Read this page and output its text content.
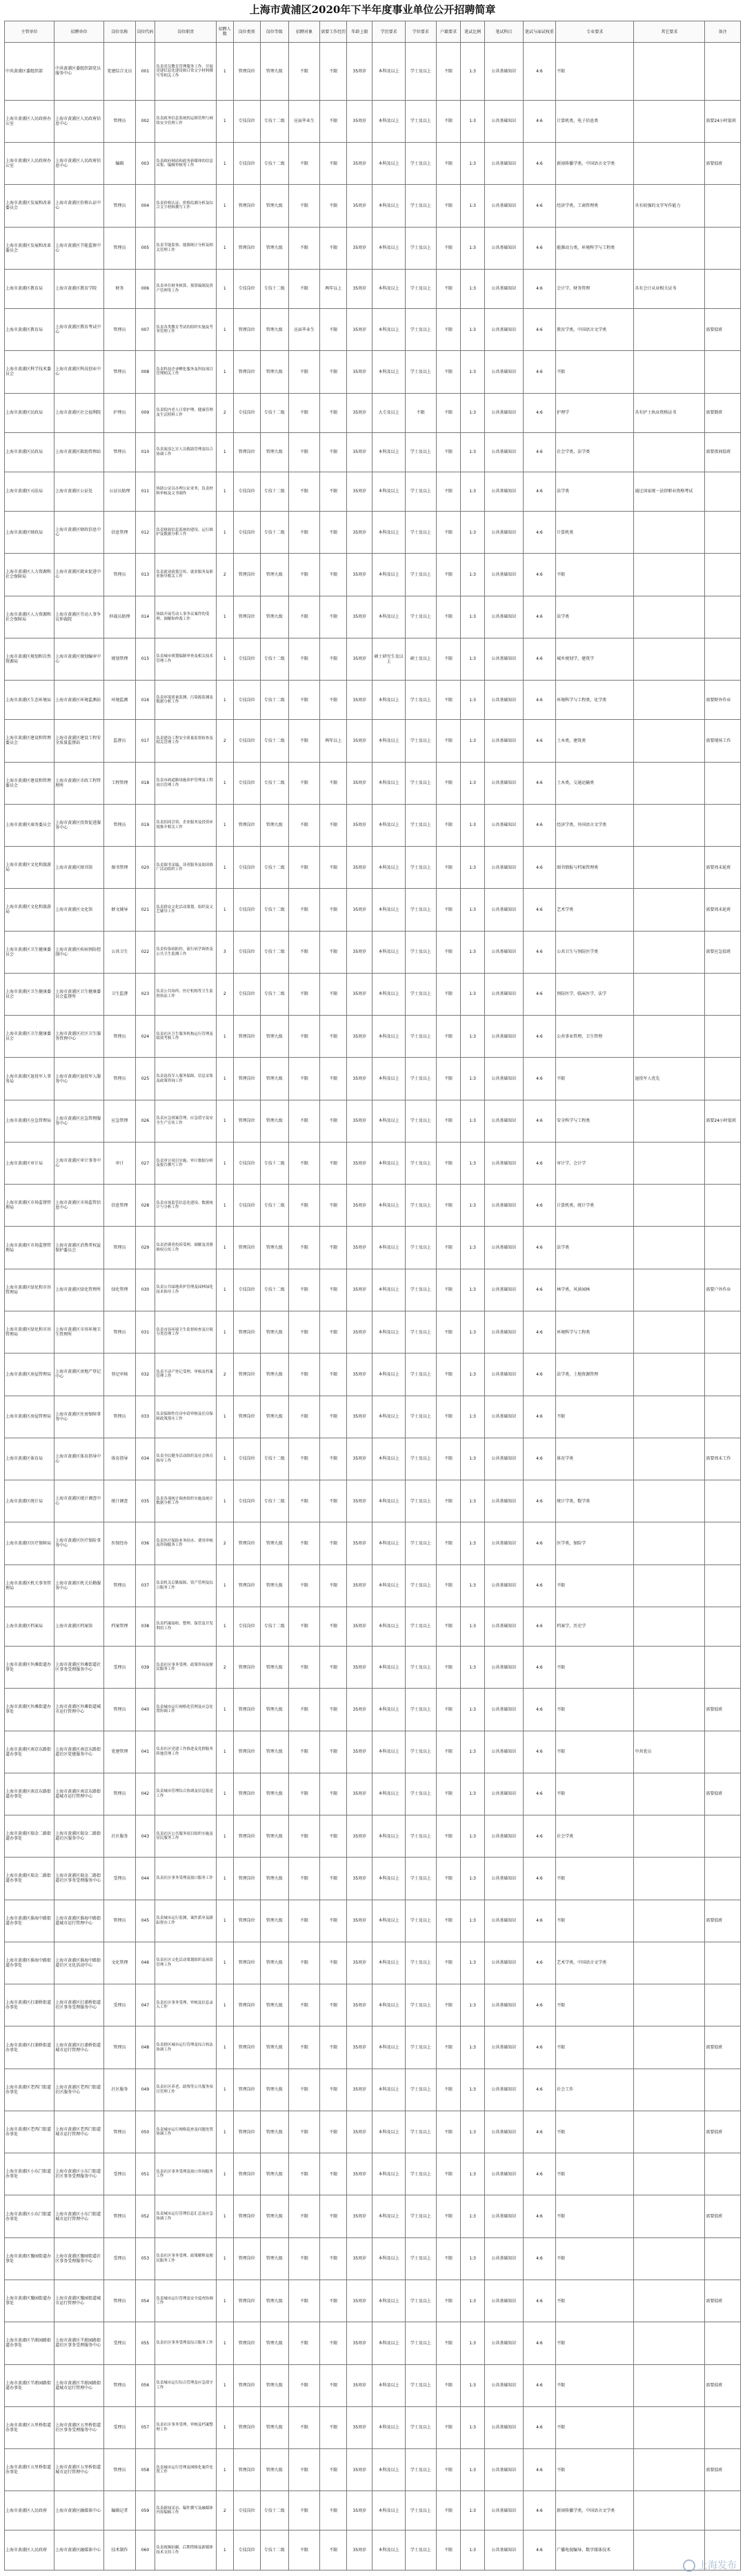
上海市黄浦区2020年下半年度事业单位公开招聘简章
主管单位	招聘单位	岗位名称	岗位代码	岗位职责	招聘人数	岗位类别	岗位等级	招聘对象	需要工作经历	年龄上限	学历要求	学位要求	户籍要求	笔试比例	笔试科目	笔试与面试权重	专业要求	其它要求	备注
中共黄浦区委组织部	中共黄浦区委组织部党员服务中心	党建综合文员	001	负责党员教育管理服务工作，开展党建信息化建设和日常文字材料撰写等相关工作	1	管理岗位	管理九级	不限	不限	35周岁	本科及以上	学士及以上	不限	1:3	公共基础知识	4:6	不限		
上海市黄浦区人民政府办公室	上海市黄浦区人民政府信息中心	管理员	002	负责政务信息系统的运维管理与网络安全管理工作	1	专技岗位	专技十二级	应届毕业生	不限	35周岁	本科及以上	学士及以上	不限	1:3	公共基础知识	4:6	计算机类，电子信息类		需要24小时值班
上海市黄浦区人民政府办公室	上海市黄浦区人民政府信息中心	编辑	003	负责政府网站和政务新媒体的信息采集、编辑审核等工作	1	专技岗位	专技十二级	不限	不限	35周岁	本科及以上	学士及以上	不限	1:3	公共基础知识	4:6	新闻传播学类，中国语言文学类		需要值班
上海市黄浦区发展和改革委员会	上海市黄浦区价格认证中心	管理员	004	负责价格认证、价格监测分析及综合文字材料撰写工作	1	管理岗位	管理九级	不限	不限	35周岁	本科及以上	学士及以上	不限	1:3	公共基础知识	4:6	经济学类，工商管理类	具有较强的文字写作能力	
上海市黄浦区发展和改革委员会	上海市黄浦区节能监察中心	管理员	005	负责节能监察、能源统计分析及相关管理工作	1	管理岗位	管理九级	不限	不限	35周岁	本科及以上	学士及以上	不限	1:3	公共基础知识	4:6	能源动力类，环境科学与工程类		
上海市黄浦区教育局	上海市黄浦区教育学院	财务	006	负责单位财务核算、预算编制及资产管理等工作	1	专技岗位	专技十二级	不限	两年以上	35周岁	本科及以上	学士及以上	不限	1:3	公共基础知识	4:6	会计学，财务管理	具有会计从业相关证书	
上海市黄浦区教育局	上海市黄浦区教育考试中心	管理员	007	负责各类教育考试的组织实施及考务管理工作	1	管理岗位	管理九级	应届毕业生	不限	35周岁	本科及以上	学士及以上	不限	1:3	公共基础知识	4:6	教育学类，中国语言文学类		需要值班
上海市黄浦区科学技术委员会	上海市黄浦区科技创业中心	管理员	008	负责科技企业孵化服务及科技项目管理相关工作	1	管理岗位	管理九级	不限	不限	35周岁	本科及以上	学士及以上	不限	1:3	公共基础知识	4:6	不限		
上海市黄浦区民政局	上海市黄浦区社会福利院	护理员	009	负责院内老人日常护理、健康管理及生活照料工作	2	专技岗位	专技十二级	不限	不限	35周岁	大专及以上	不限	不限	1:3	公共基础知识	4:6	护理学	具有护士执业资格证书	需要倒班
上海市黄浦区民政局	上海市黄浦区救助管理站	管理员	010	负责流浪乞讨人员救助管理及综合协调工作	1	管理岗位	管理九级	不限	不限	35周岁	本科及以上	学士及以上	不限	1:3	公共基础知识	4:6	社会学类，法学类		需要夜间值班
上海市黄浦区司法局	上海市黄浦区公证处	公证员助理	011	协助公证员办理公证业务，负责材料审核及文书制作	1	专技岗位	专技十二级	不限	不限	35周岁	本科及以上	学士及以上	不限	1:3	公共基础知识	4:6	法学类	通过国家统一法律职业资格考试	
上海市黄浦区财政局	上海市黄浦区财政信息中心	信息管理	012	负责财政信息系统的建设、运行维护及数据分析工作	1	专技岗位	专技十二级	不限	不限	35周岁	本科及以上	学士及以上	不限	1:3	公共基础知识	4:6	计算机类		
上海市黄浦区人力资源和社会保障局	上海市黄浦区就业促进中心	管理员	013	负责就业政策宣传、就业服务及职业指导相关工作	2	管理岗位	管理九级	不限	不限	35周岁	本科及以上	学士及以上	不限	1:3	公共基础知识	4:6	不限		
上海市黄浦区人力资源和社会保障局	上海市黄浦区劳动人事争议仲裁院	仲裁员助理	014	协助开展劳动人事争议案件的受理、调解和仲裁工作	1	管理岗位	管理九级	不限	不限	35周岁	本科及以上	学士及以上	不限	1:3	公共基础知识	4:6	法学类		
上海市黄浦区规划和自然资源局	上海市黄浦区规划编审中心	规划管理	015	负责城市规划编制审查及相关技术管理工作	1	专技岗位	专技十二级	不限	不限	35周岁	硕士研究生及以上	硕士及以上	不限	1:3	公共基础知识	4:6	城乡规划学，建筑学		
上海市黄浦区生态环境局	上海市黄浦区环境监测站	环境监测	016	负责环境质量监测、污染源监测及数据分析工作	1	专技岗位	专技十二级	不限	不限	35周岁	本科及以上	学士及以上	不限	1:3	公共基础知识	4:6	环境科学与工程类，化学类		需要野外作业
上海市黄浦区建设和管理委员会	上海市黄浦区建设工程安全质量监督站	监督员	017	负责建设工程安全质量监督检查及相关管理工作	2	专技岗位	专技十二级	不限	两年以上	35周岁	本科及以上	学士及以上	不限	1:3	公共基础知识	4:6	土木类，建筑类		需要现场工作
上海市黄浦区建设和管理委员会	上海市黄浦区市政工程管理所	工程管理	018	负责市政道路设施养护管理及工程项目管理工作	1	专技岗位	专技十二级	不限	不限	35周岁	本科及以上	学士及以上	不限	1:3	公共基础知识	4:6	土木类，交通运输类		
上海市黄浦区商务委员会	上海市黄浦区投资促进服务中心	管理员	019	负责招商引资、企业服务及投资环境推介相关工作	1	管理岗位	管理九级	不限	不限	35周岁	本科及以上	学士及以上	不限	1:3	公共基础知识	4:6	经济学类，外国语言文学类		
上海市黄浦区文化和旅游局	上海市黄浦区图书馆	图书管理	020	负责图书采编、读者服务及阅读推广活动组织工作	1	专技岗位	专技十二级	不限	不限	35周岁	本科及以上	学士及以上	不限	1:3	公共基础知识	4:6	图书情报与档案管理类		需要周末轮班
上海市黄浦区文化和旅游局	上海市黄浦区文化馆	群文辅导	021	负责群众文化活动策划、组织及文艺辅导工作	1	专技岗位	专技十二级	不限	不限	35周岁	本科及以上	学士及以上	不限	1:3	公共基础知识	4:6	艺术学类		需要周末轮班
上海市黄浦区卫生健康委员会	上海市黄浦区疾病预防控制中心	公共卫生	022	负责传染病防控、流行病学调查及公共卫生监测工作	3	专技岗位	专技十二级	不限	不限	35周岁	本科及以上	学士及以上	不限	1:3	公共基础知识	4:6	公共卫生与预防医学类		需要应急值班
上海市黄浦区卫生健康委员会	上海市黄浦区卫生健康委员会监督所	卫生监督	023	负责公共场所、医疗机构等卫生监督执法工作	2	专技岗位	专技十二级	不限	不限	35周岁	本科及以上	学士及以上	不限	1:3	公共基础知识	4:6	预防医学，临床医学，法学		
上海市黄浦区卫生健康委员会	上海市黄浦区社区卫生服务管理中心	管理员	024	负责社区卫生服务机构运行管理及绩效考核工作	1	管理岗位	管理九级	不限	不限	35周岁	本科及以上	学士及以上	不限	1:3	公共基础知识	4:6	公共事业管理，卫生管理		
上海市黄浦区退役军人事务局	上海市黄浦区退役军人服务中心	管理员	025	负责退役军人服务保障、信息采集及政策咨询工作	1	管理岗位	管理九级	不限	不限	35周岁	本科及以上	学士及以上	不限	1:3	公共基础知识	4:6	不限	退役军人优先	
上海市黄浦区应急管理局	上海市黄浦区应急管理服务中心	应急管理	026	负责应急预案管理、应急值守及安全生产宣传工作	1	管理岗位	管理九级	不限	不限	35周岁	本科及以上	学士及以上	不限	1:3	公共基础知识	4:6	安全科学与工程类		需要24小时值班
上海市黄浦区审计局	上海市黄浦区审计事务中心	审计	027	负责审计项目实施、审计数据分析及报告撰写工作	1	专技岗位	专技十二级	不限	不限	35周岁	本科及以上	学士及以上	不限	1:3	公共基础知识	4:6	审计学，会计学		
上海市黄浦区市场监督管理局	上海市黄浦区市场监管信息中心	信息管理	028	负责市场监管信息化建设、数据统计与分析工作	1	专技岗位	专技十二级	不限	不限	35周岁	本科及以上	学士及以上	不限	1:3	公共基础知识	4:6	计算机类，统计学类		
上海市黄浦区市场监督管理局	上海市黄浦区消费者权益保护委员会	管理员	029	负责消费者投诉受理、调解及消费维权宣传工作	1	管理岗位	管理九级	不限	不限	35周岁	本科及以上	学士及以上	不限	1:3	公共基础知识	4:6	法学类		
上海市黄浦区绿化和市容管理局	上海市黄浦区绿化管理所	绿化管理	030	负责公共绿地养护管理及园林绿化技术指导工作	1	专技岗位	专技十二级	不限	不限	35周岁	本科及以上	学士及以上	不限	1:3	公共基础知识	4:6	林学类，风景园林		需要户外作业
上海市黄浦区绿化和市容管理局	上海市黄浦区市容环境卫生管理所	管理员	031	负责市容环境卫生监督检查及垃圾分类管理工作	1	管理岗位	管理九级	不限	不限	35周岁	本科及以上	学士及以上	不限	1:3	公共基础知识	4:6	环境科学与工程类		
上海市黄浦区房屋管理局	上海市黄浦区房地产登记中心	登记审核	032	负责不动产登记受理、审核及档案管理工作	2	管理岗位	管理九级	不限	不限	35周岁	本科及以上	学士及以上	不限	1:3	公共基础知识	4:6	法学类，土地资源管理		
上海市黄浦区房屋管理局	上海市黄浦区住房保障事务中心	管理员	033	负责保障性住房申请审核及住房保障政策落实工作	1	管理岗位	管理九级	不限	不限	35周岁	本科及以上	学士及以上	不限	1:3	公共基础知识	4:6	不限		
上海市黄浦区体育局	上海市黄浦区体育指导中心	体育指导	034	负责全民健身活动组织及社会体育指导工作	1	专技岗位	专技十二级	不限	不限	35周岁	本科及以上	学士及以上	不限	1:3	公共基础知识	4:6	体育学类		需要周末工作
上海市黄浦区统计局	上海市黄浦区统计调查中心	统计调查	035	负责各项统计调查组织实施及统计数据分析工作	1	专技岗位	专技十二级	不限	不限	35周岁	本科及以上	学士及以上	不限	1:3	公共基础知识	4:6	统计学类，数学类		
上海市黄浦区医疗保障局	上海市黄浦区医疗保险事务中心	医保经办	036	负责医疗保险业务经办、费用审核及咨询服务工作	2	管理岗位	管理九级	不限	不限	35周岁	本科及以上	学士及以上	不限	1:3	公共基础知识	4:6	医学类，保险学		
上海市黄浦区机关事务管理局	上海市黄浦区机关后勤服务中心	管理员	037	负责机关后勤保障、资产管理及综合服务工作	1	管理岗位	管理九级	不限	不限	35周岁	本科及以上	学士及以上	不限	1:3	公共基础知识	4:6	不限		
上海市黄浦区档案局	上海市黄浦区档案馆	档案管理	038	负责档案接收、整理、保管及开发利用工作	1	专技岗位	专技十二级	不限	不限	35周岁	本科及以上	学士及以上	不限	1:3	公共基础知识	4:6	档案学，历史学		
上海市黄浦区外滩街道办事处	上海市黄浦区外滩街道社区事务受理服务中心	受理员	039	负责社区事务受理、政策咨询及便民服务工作	2	管理岗位	管理九级	不限	不限	35周岁	本科及以上	学士及以上	不限	1:3	公共基础知识	4:6	不限		
上海市黄浦区外滩街道办事处	上海市黄浦区外滩街道城市运行管理中心	管理员	040	负责城市运行网格化管理及应急处置协调工作	1	管理岗位	管理九级	不限	不限	35周岁	本科及以上	学士及以上	不限	1:3	公共基础知识	4:6	不限		需要值班
上海市黄浦区南京东路街道办事处	上海市黄浦区南京东路街道社区党建服务中心	党建管理	041	负责社区党建工作推进及党群服务阵地管理工作	1	管理岗位	管理九级	不限	不限	35周岁	本科及以上	学士及以上	不限	1:3	公共基础知识	4:6	不限	中共党员	
上海市黄浦区南京东路街道办事处	上海市黄浦区南京东路街道城市运行管理中心	管理员	042	负责城市管理综合协调及信息报送工作	1	管理岗位	管理九级	不限	不限	35周岁	本科及以上	学士及以上	不限	1:3	公共基础知识	4:6	不限		需要值班
上海市黄浦区瑞金二路街道办事处	上海市黄浦区瑞金二路街道社区服务中心	社区服务	043	负责社区公共服务项目组织实施及居民服务工作	1	管理岗位	管理九级	不限	不限	35周岁	本科及以上	学士及以上	不限	1:3	公共基础知识	4:6	社会学类		
上海市黄浦区瑞金二路街道办事处	上海市黄浦区瑞金二路街道社区事务受理服务中心	受理员	044	负责社区事务受理及窗口服务工作	1	管理岗位	管理九级	不限	不限	35周岁	本科及以上	学士及以上	不限	1:3	公共基础知识	4:6	不限		
上海市黄浦区淮海中路街道办事处	上海市黄浦区淮海中路街道城市运行管理中心	管理员	045	负责城市运行监测、案件派单及跟踪督办工作	1	管理岗位	管理九级	不限	不限	35周岁	本科及以上	学士及以上	不限	1:3	公共基础知识	4:6	不限		需要值班
上海市黄浦区淮海中路街道办事处	上海市黄浦区淮海中路街道社区文化活动中心	文化管理	046	负责社区文化活动策划组织及场馆管理工作	1	管理岗位	管理九级	不限	不限	35周岁	本科及以上	学士及以上	不限	1:3	公共基础知识	4:6	艺术学类，中国语言文学类		
上海市黄浦区打浦桥街道办事处	上海市黄浦区打浦桥街道社区事务受理服务中心	受理员	047	负责社区事务受理、审核及信息录入工作	1	管理岗位	管理九级	不限	不限	35周岁	本科及以上	学士及以上	不限	1:3	公共基础知识	4:6	不限		
上海市黄浦区打浦桥街道办事处	上海市黄浦区打浦桥街道城市运行管理中心	管理员	048	负责辖区城市运行管理及综合执法协调工作	1	管理岗位	管理九级	不限	不限	35周岁	本科及以上	学士及以上	不限	1:3	公共基础知识	4:6	不限		需要值班
上海市黄浦区老西门街道办事处	上海市黄浦区老西门街道社区服务中心	社区服务	049	负责社区养老、助残等公共服务项目管理工作	1	管理岗位	管理九级	不限	不限	35周岁	本科及以上	学士及以上	不限	1:3	公共基础知识	4:6	社会工作		
上海市黄浦区老西门街道办事处	上海市黄浦区老西门街道城市运行管理中心	管理员	050	负责城市运行网格巡查及问题处置协调工作	1	管理岗位	管理九级	不限	不限	35周岁	本科及以上	学士及以上	不限	1:3	公共基础知识	4:6	不限		需要值班
上海市黄浦区小东门街道办事处	上海市黄浦区小东门街道社区事务受理服务中心	受理员	051	负责社区事务受理及窗口咨询服务工作	1	管理岗位	管理九级	不限	不限	35周岁	本科及以上	学士及以上	不限	1:3	公共基础知识	4:6	不限		
上海市黄浦区小东门街道办事处	上海市黄浦区小东门街道城市运行管理中心	管理员	052	负责城市运行管理信息汇总及应急协调工作	1	管理岗位	管理九级	不限	不限	35周岁	本科及以上	学士及以上	不限	1:3	公共基础知识	4:6	不限		需要值班
上海市黄浦区豫园街道办事处	上海市黄浦区豫园街道社区事务受理服务中心	受理员	053	负责社区事务受理、政策解释及便民服务工作	1	管理岗位	管理九级	不限	不限	35周岁	本科及以上	学士及以上	不限	1:3	公共基础知识	4:6	不限		
上海市黄浦区豫园街道办事处	上海市黄浦区豫园街道城市运行管理中心	管理员	054	负责城市运行管理及安全巡查协调工作	1	管理岗位	管理九级	不限	不限	35周岁	本科及以上	学士及以上	不限	1:3	公共基础知识	4:6	不限		需要值班
上海市黄浦区半淞园路街道办事处	上海市黄浦区半淞园路街道社区事务受理服务中心	受理员	055	负责社区事务受理及综合服务工作	1	管理岗位	管理九级	不限	不限	35周岁	本科及以上	学士及以上	不限	1:3	公共基础知识	4:6	不限		
上海市黄浦区半淞园路街道办事处	上海市黄浦区半淞园路街道城市运行管理中心	管理员	056	负责城市运行综合管理及应急值守工作	1	管理岗位	管理九级	不限	不限	35周岁	本科及以上	学士及以上	不限	1:3	公共基础知识	4:6	不限		需要值班
上海市黄浦区五里桥街道办事处	上海市黄浦区五里桥街道社区事务受理服务中心	受理员	057	负责社区事务受理、审核及档案整理工作	1	管理岗位	管理九级	不限	不限	35周岁	本科及以上	学士及以上	不限	1:3	公共基础知识	4:6	不限		
上海市黄浦区五里桥街道办事处	上海市黄浦区五里桥街道城市运行管理中心	管理员	058	负责城市运行管理及网格化案件处置工作	1	管理岗位	管理九级	不限	不限	35周岁	本科及以上	学士及以上	不限	1:3	公共基础知识	4:6	不限		需要值班
上海市黄浦区人民政府	上海市黄浦区融媒体中心	编辑记者	059	负责新闻采访、稿件撰写及融媒体内容编辑工作	2	专技岗位	专技十二级	不限	不限	35周岁	本科及以上	学士及以上	不限	1:3	公共基础知识	4:6	新闻传播学类，中国语言文学类		
上海市黄浦区人民政府	上海市黄浦区融媒体中心	技术制作	060	负责视频拍摄、后期剪辑及新媒体技术支持工作	1	专技岗位	专技十二级	不限	不限	35周岁	本科及以上	学士及以上	不限	1:3	公共基础知识	4:6	广播电视编导，数字媒体技术		
上海发布
